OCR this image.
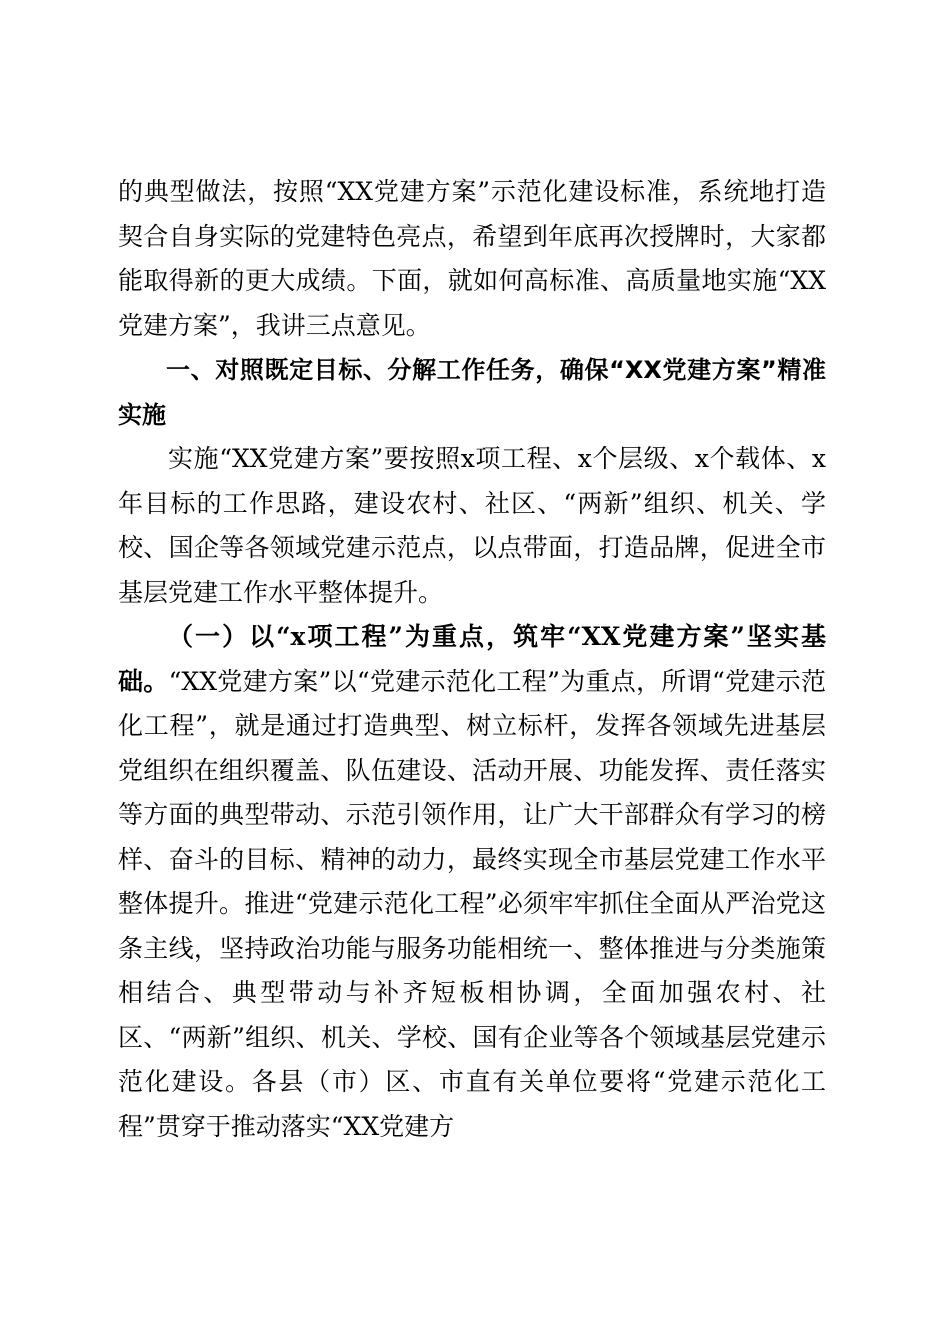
的典型做法，按照“XX党建方案”示范化建设标准，系统地打造契合自身实际的党建特色亮点，希望到年底再次授牌时，大家都能取得新的更大成绩。下面，就如何高标准、高质量地实施“XX党建方案”，我讲三点意见。

一、对照既定目标、分解工作任务，确保“XX党建方案”精准实施

实施“XX党建方案”要按照x项工程、x个层级、x个载体、x年目标的工作思路，建设农村、社区、“两新”组织、机关、学校、国企等各领域党建示范点，以点带面，打造品牌，促进全市基层党建工作水平整体提升。

（一）以“x项工程”为重点，筑牢“XX党建方案”坚实基础。“XX党建方案”以“党建示范化工程”为重点，所谓“党建示范化工程”，就是通过打造典型、树立标杆，发挥各领域先进基层党组织在组织覆盖、队伍建设、活动开展、功能发挥、责任落实等方面的典型带动、示范引领作用，让广大干部群众有学习的榜样、奋斗的目标、精神的动力，最终实现全市基层党建工作水平整体提升。推进“党建示范化工程”必须牢牢抓住全面从严治党这条主线，坚持政治功能与服务功能相统一、整体推进与分类施策相结合、典型带动与补齐短板相协调，全面加强农村、社区、“两新”组织、机关、学校、国有企业等各个领域基层党建示范化建设。各县（市）区、市直有关单位要将“党建示范化工程”贯穿于推动落实“XX党建方
